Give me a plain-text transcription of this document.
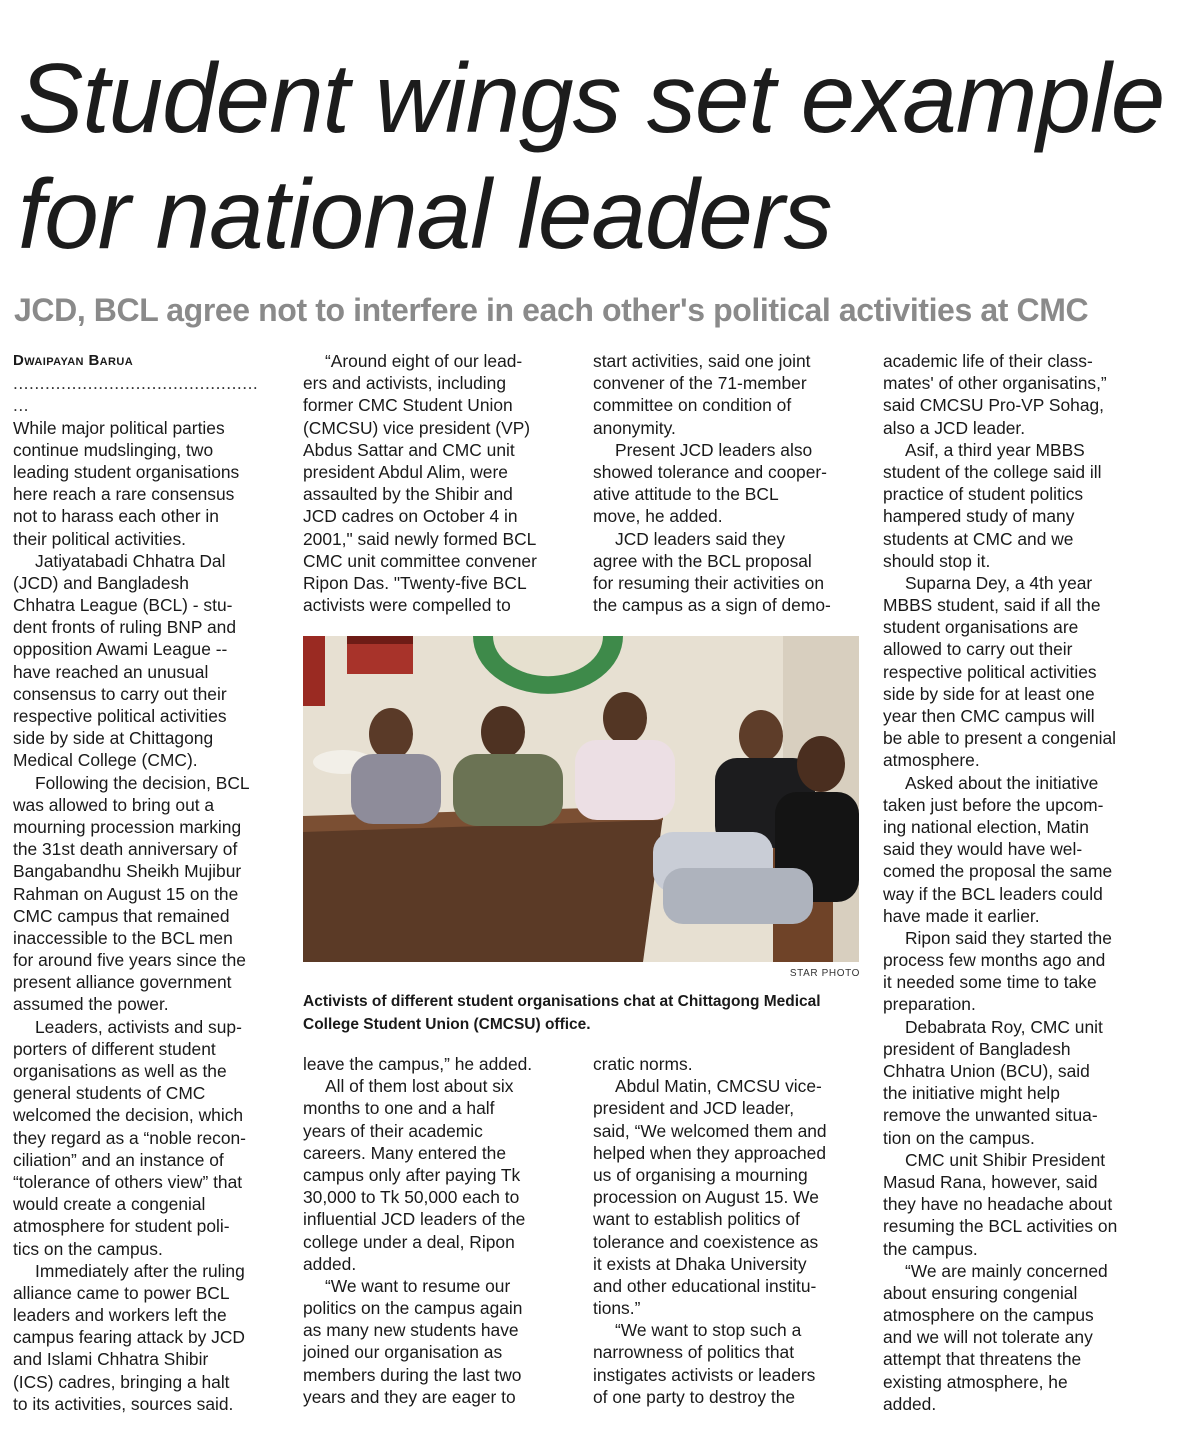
Student wings set example
for national leaders
JCD, BCL agree not to interfere in each other's political activities at CMC
Dwaipayan Barua
..............................................
...
While major political parties
continue mudslinging, two
leading student organisations
here reach a rare consensus
not to harass each other in
their political activities.
Jatiyatabadi Chhatra Dal
(JCD) and Bangladesh
Chhatra League (BCL) - stu-
dent fronts of ruling BNP and
opposition Awami League --
have reached an unusual
consensus to carry out their
respective political activities
side by side at Chittagong
Medical College (CMC).
Following the decision, BCL
was allowed to bring out a
mourning procession marking
the 31st death anniversary of
Bangabandhu Sheikh Mujibur
Rahman on August 15 on the
CMC campus that remained
inaccessible to the BCL men
for around five years since the
present alliance government
assumed the power.
Leaders, activists and sup-
porters of different student
organisations as well as the
general students of CMC
welcomed the decision, which
they regard as a “noble recon-
ciliation” and an instance of
“tolerance of others view” that
would create a congenial
atmosphere for student poli-
tics on the campus.
Immediately after the ruling
alliance came to power BCL
leaders and workers left the
campus fearing attack by JCD
and Islami Chhatra Shibir
(ICS) cadres, bringing a halt
to its activities, sources said.
“Around eight of our lead-
ers and activists, including
former CMC Student Union
(CMCSU) vice president (VP)
Abdus Sattar and CMC unit
president Abdul Alim, were
assaulted by the Shibir and
JCD cadres on October 4 in
2001," said newly formed BCL
CMC unit committee convener
Ripon Das. "Twenty-five BCL
activists were compelled to
STAR PHOTO

Activists of different student organisations chat at Chittagong Medical
College Student Union (CMCSU) office.

leave the campus,” he added.
All of them lost about six
months to one and a half
years of their academic
careers. Many entered the
campus only after paying Tk
30,000 to Tk 50,000 each to
influential JCD leaders of the
college under a deal, Ripon
added.
“We want to resume our
politics on the campus again
as many new students have
joined our organisation as
members during the last two
years and they are eager to
start activities, said one joint
convener of the 71-member
committee on condition of
anonymity.
Present JCD leaders also
showed tolerance and cooper-
ative attitude to the BCL
move, he added.
JCD leaders said they
agree with the BCL proposal
for resuming their activities on
the campus as a sign of demo-
cratic norms.
Abdul Matin, CMCSU vice-
president and JCD leader,
said, “We welcomed them and
helped when they approached
us of organising a mourning
procession on August 15. We
want to establish politics of
tolerance and coexistence as
it exists at Dhaka University
and other educational institu-
tions.”
“We want to stop such a
narrowness of politics that
instigates activists or leaders
of one party to destroy the
academic life of their class-
mates' of other organisatins,”
said CMCSU Pro-VP Sohag,
also a JCD leader.
Asif, a third year MBBS
student of the college said ill
practice of student politics
hampered study of many
students at CMC and we
should stop it.
Suparna Dey, a 4th year
MBBS student, said if all the
student organisations are
allowed to carry out their
respective political activities
side by side for at least one
year then CMC campus will
be able to present a congenial
atmosphere.
Asked about the initiative
taken just before the upcom-
ing national election, Matin
said they would have wel-
comed the proposal the same
way if the BCL leaders could
have made it earlier.
Ripon said they started the
process few months ago and
it needed some time to take
preparation.
Debabrata Roy, CMC unit
president of Bangladesh
Chhatra Union (BCU), said
the initiative might help
remove the unwanted situa-
tion on the campus.
CMC unit Shibir President
Masud Rana, however, said
they have no headache about
resuming the BCL activities on
the campus.
“We are mainly concerned
about ensuring congenial
atmosphere on the campus
and we will not tolerate any
attempt that threatens the
existing atmosphere, he
added.
